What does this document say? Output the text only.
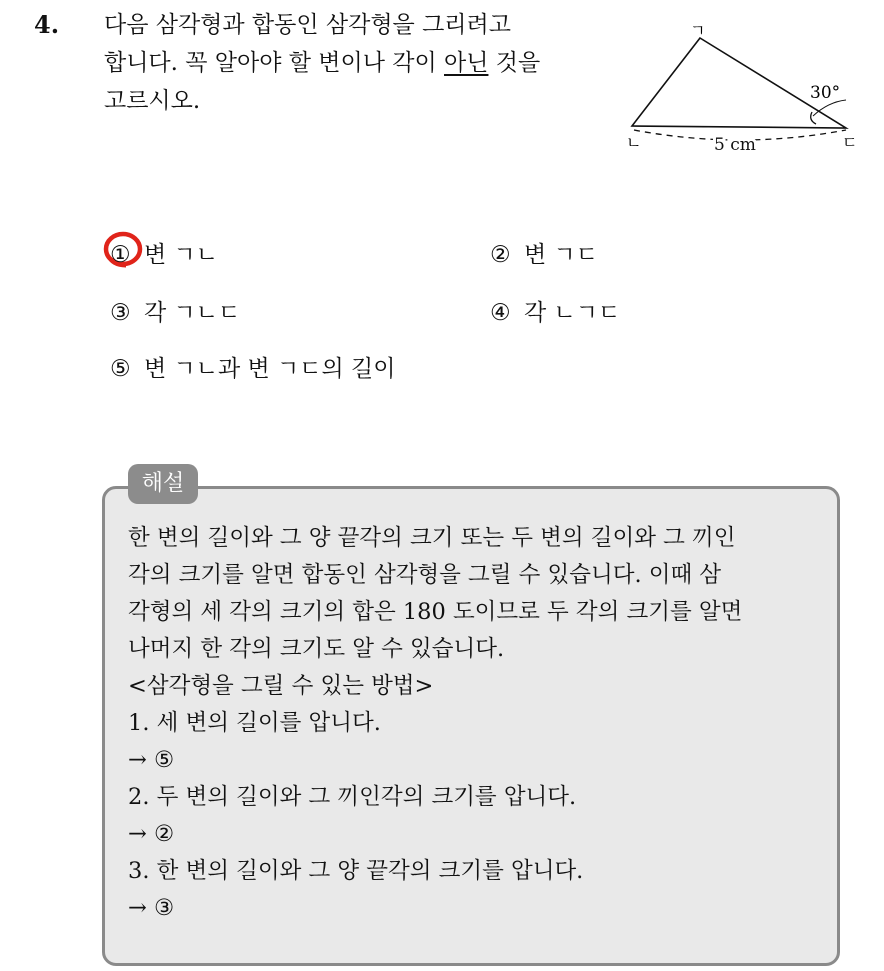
4. 다음 삼각형과 합동인 삼각형을 그리려고
합니다. 꼭 알아야 할 변이나 각이 아닌 것을
고르시오.
ㄱ
ㄴ	ㄷ
30°
5 cm
① 변 ㄱㄴ	② 변 ㄱㄷ
③ 각 ㄱㄴㄷ	④ 각 ㄴㄱㄷ
⑤ 변 ㄱㄴ과 변 ㄱㄷ의 길이
해설
한 변의 길이와 그 양 끝각의 크기 또는 두 변의 길이와 그 끼인
각의 크기를 알면 합동인 삼각형을 그릴 수 있습니다. 이때 삼
각형의 세 각의 크기의 합은 180 도이므로 두 각의 크기를 알면
나머지 한 각의 크기도 알 수 있습니다.
<삼각형을 그릴 수 있는 방법>
1. 세 변의 길이를 압니다.
→ ⑤
2. 두 변의 길이와 그 끼인각의 크기를 압니다.
→ ②
3. 한 변의 길이와 그 양 끝각의 크기를 압니다.
→ ③
